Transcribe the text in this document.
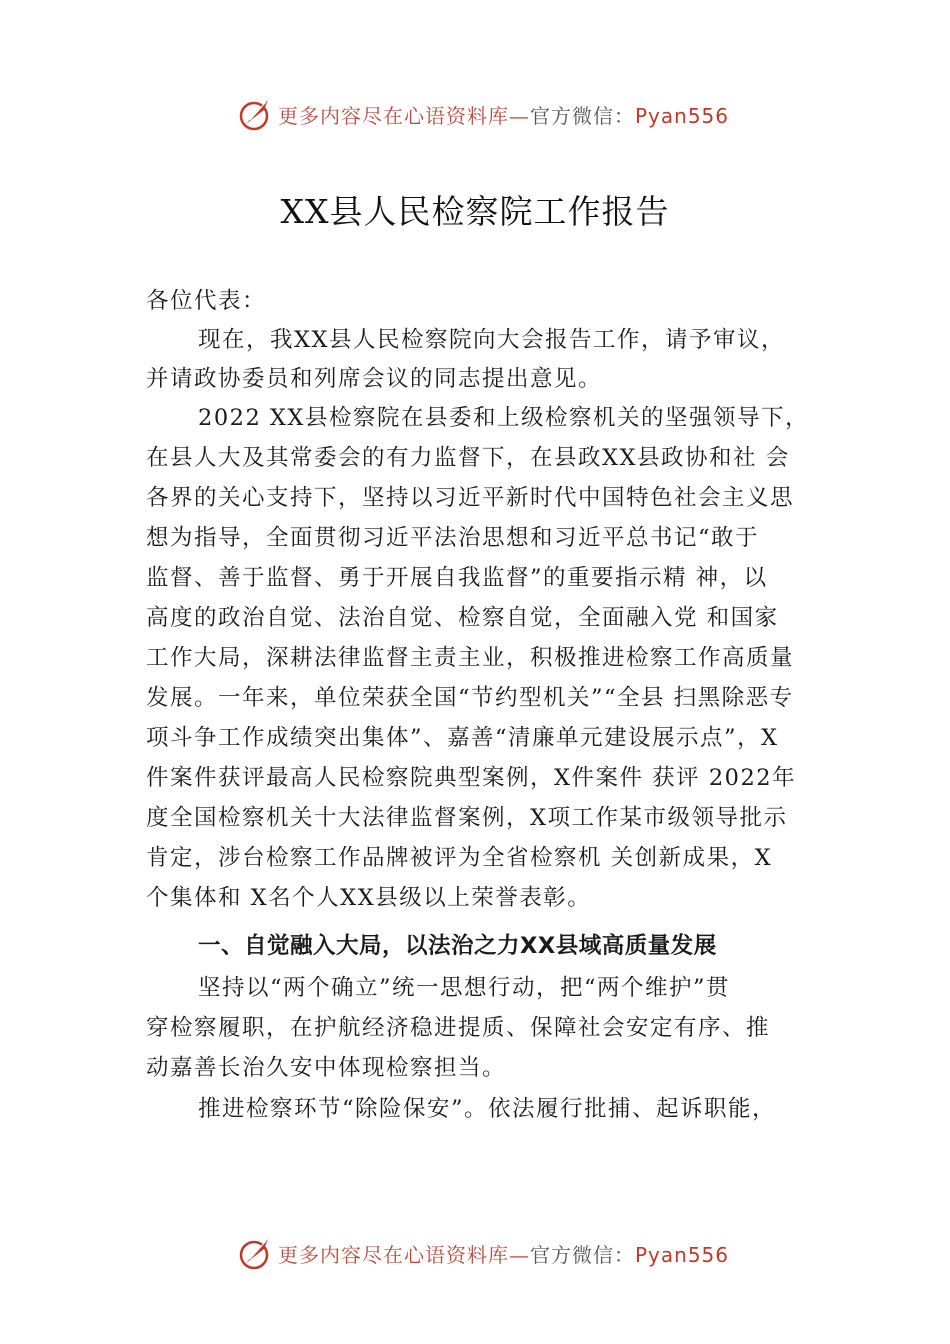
更多内容尽在心语资料库—官方微信：Pyan556
XX县人民检察院工作报告
各位代表：
现在，我XX县人民检察院向大会报告工作，请予审议，
并请政协委员和列席会议的同志提出意见。
2022 XX县检察院在县委和上级检察机关的坚强领导下，
在县人大及其常委会的有力监督下，在县政XX县政协和社 会
各界的关心支持下，坚持以习近平新时代中国特色社会主义思
想为指导，全面贯彻习近平法治思想和习近平总书记“敢于
监督、善于监督、勇于开展自我监督”的重要指示精 神，以
高度的政治自觉、法治自觉、检察自觉，全面融入党 和国家
工作大局，深耕法律监督主责主业，积极推进检察工作高质量
发展。一年来，单位荣获全国“节约型机关”“全县 扫黑除恶专
项斗争工作成绩突出集体”、嘉善“清廉单元建设展示点”，X
件案件获评最高人民检察院典型案例，X件案件 获评 2022年
度全国检察机关十大法律监督案例，X项工作某市级领导批示
肯定，涉台检察工作品牌被评为全省检察机 关创新成果，X
个集体和 X名个人XX县级以上荣誉表彰。
一、自觉融入大局，以法治之力XX县域高质量发展
坚持以“两个确立”统一思想行动，把“两个维护”贯
穿检察履职，在护航经济稳进提质、保障社会安定有序、推
动嘉善长治久安中体现检察担当。
推进检察环节“除险保安”。依法履行批捕、起诉职能，
更多内容尽在心语资料库—官方微信：Pyan556
